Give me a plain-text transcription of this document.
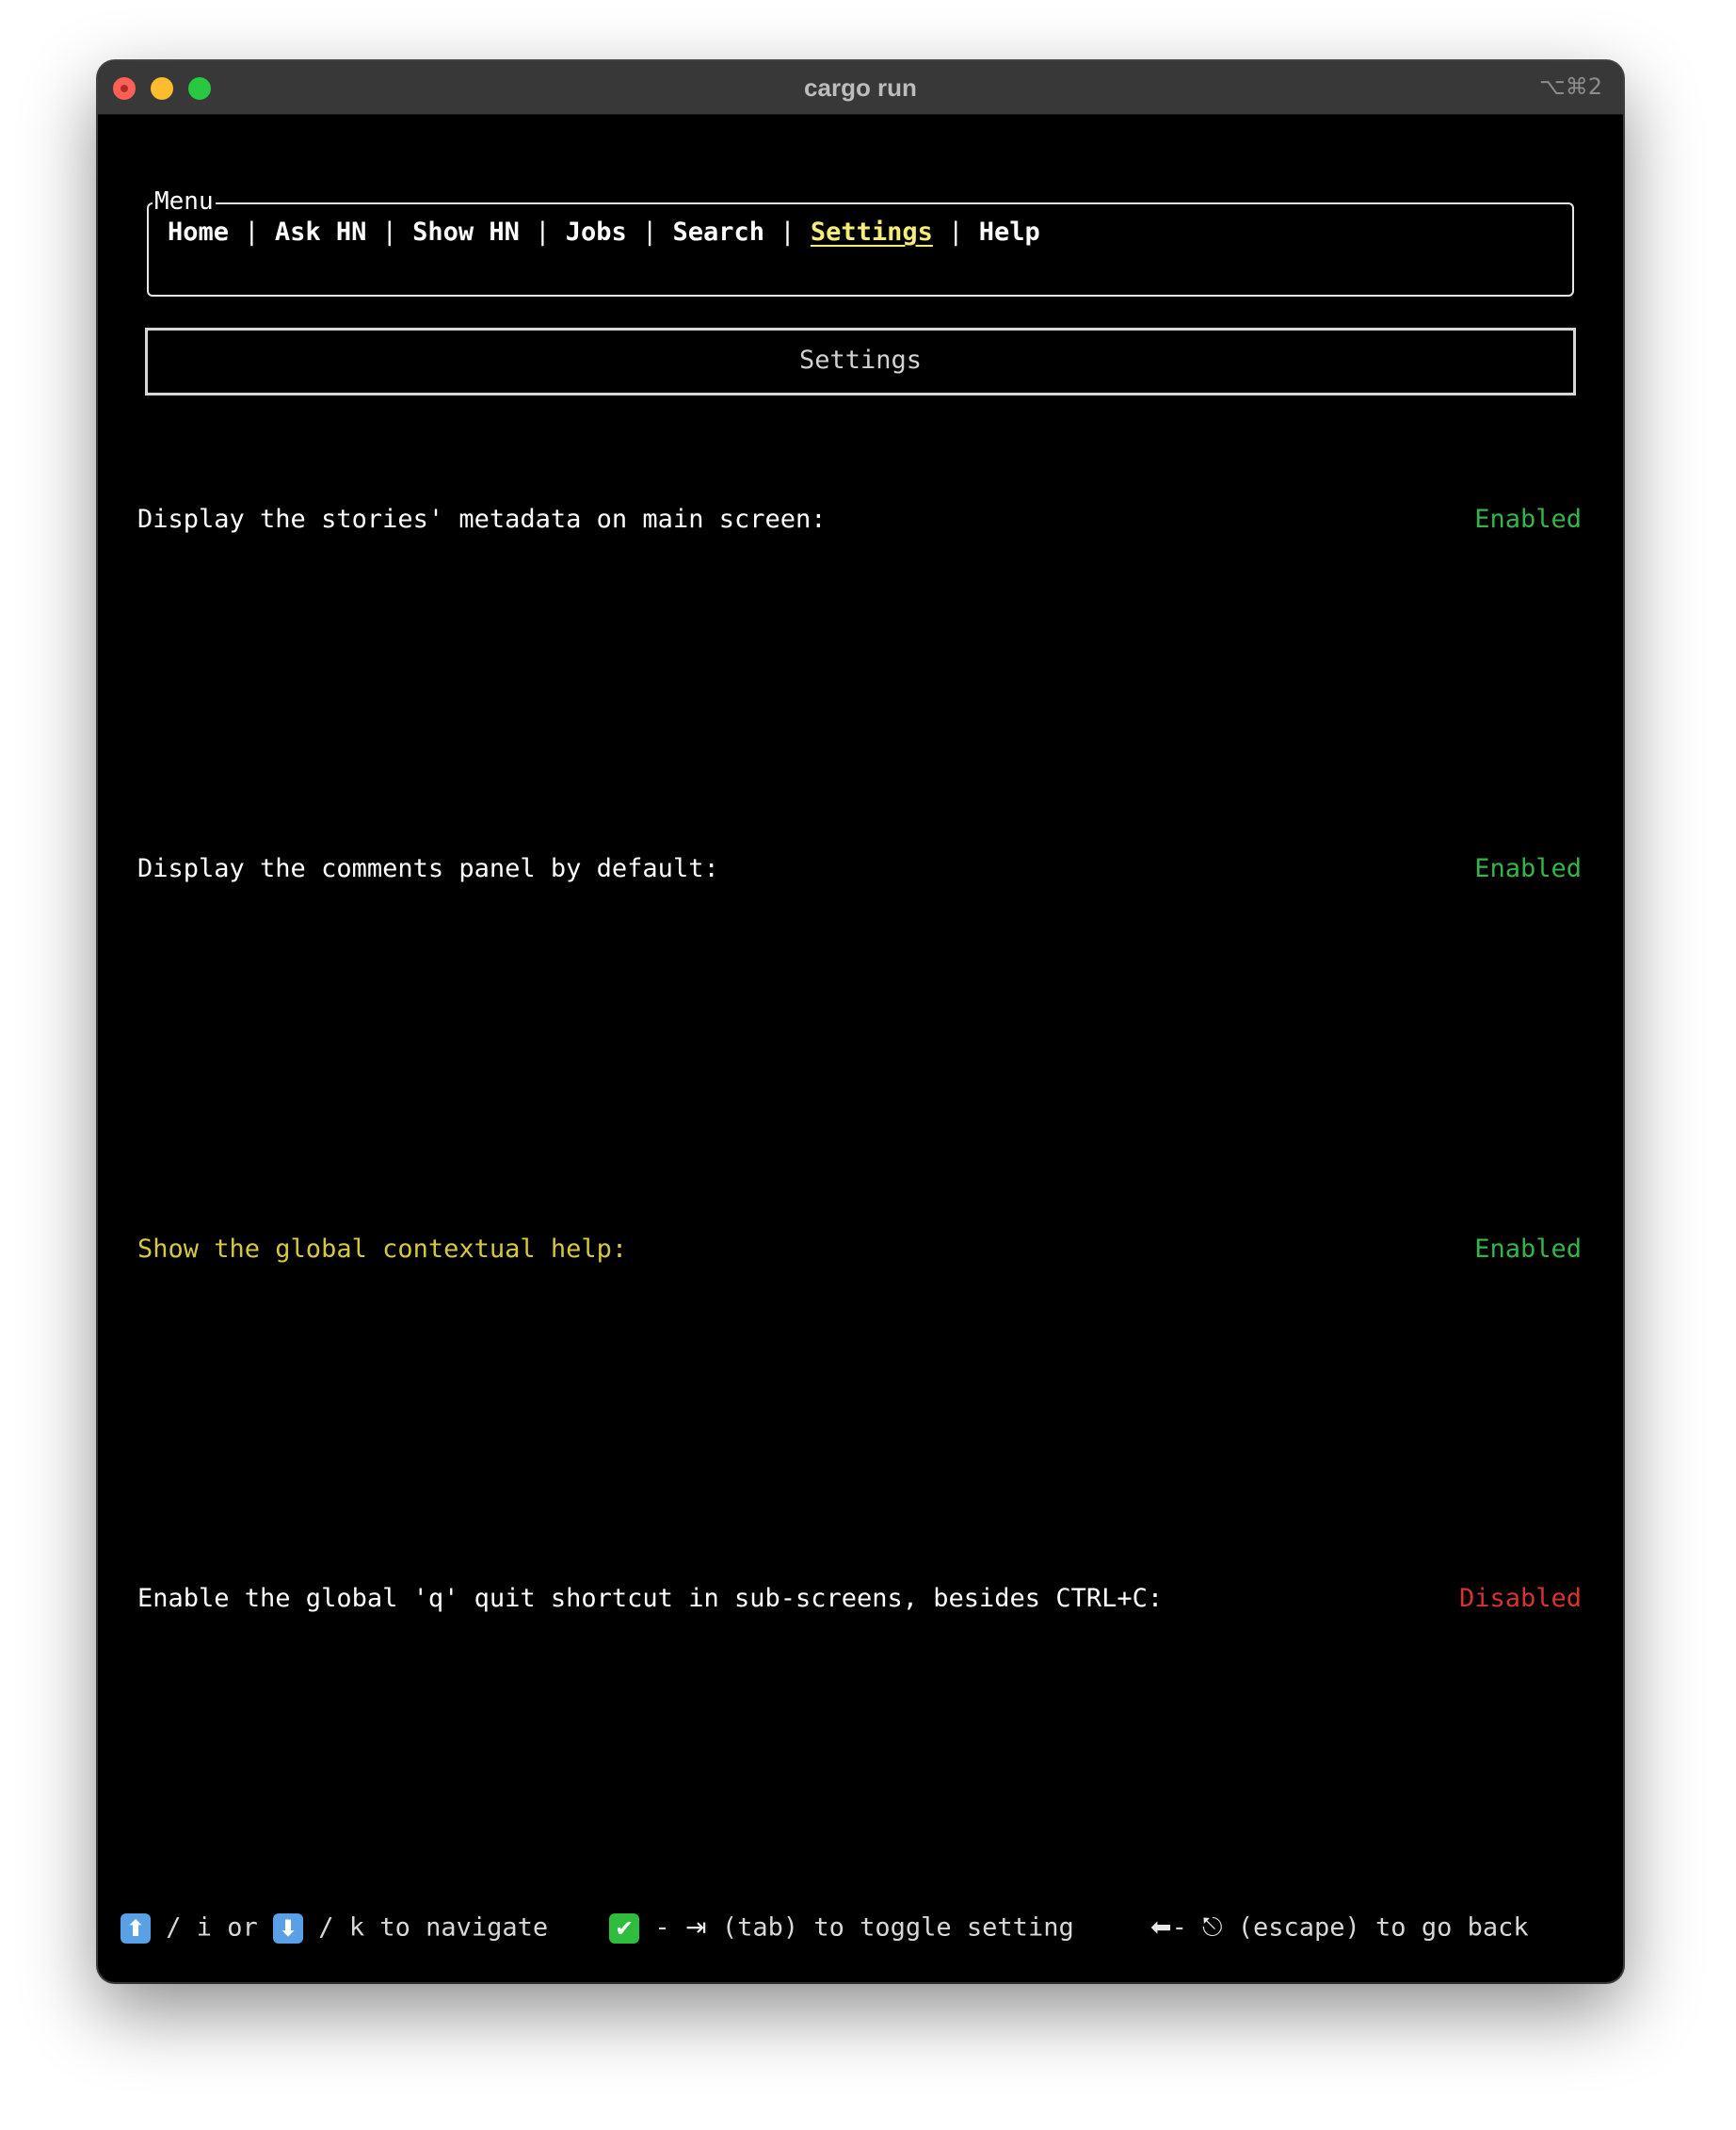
cargo run	⌥⌘2
Menu
Home | Ask HN | Show HN | Jobs | Search | Settings | Help
Settings
Display the stories' metadata on main screen:	Enabled
Display the comments panel by default:	Enabled
Show the global contextual help:	Enabled
Enable the global 'q' quit shortcut in sub-screens, besides CTRL+C:	Disabled
⬆ / i or ⬇ / k to navigate	✔ - ⇥ (tab) to toggle setting	⬅- ⎋ (escape) to go back
